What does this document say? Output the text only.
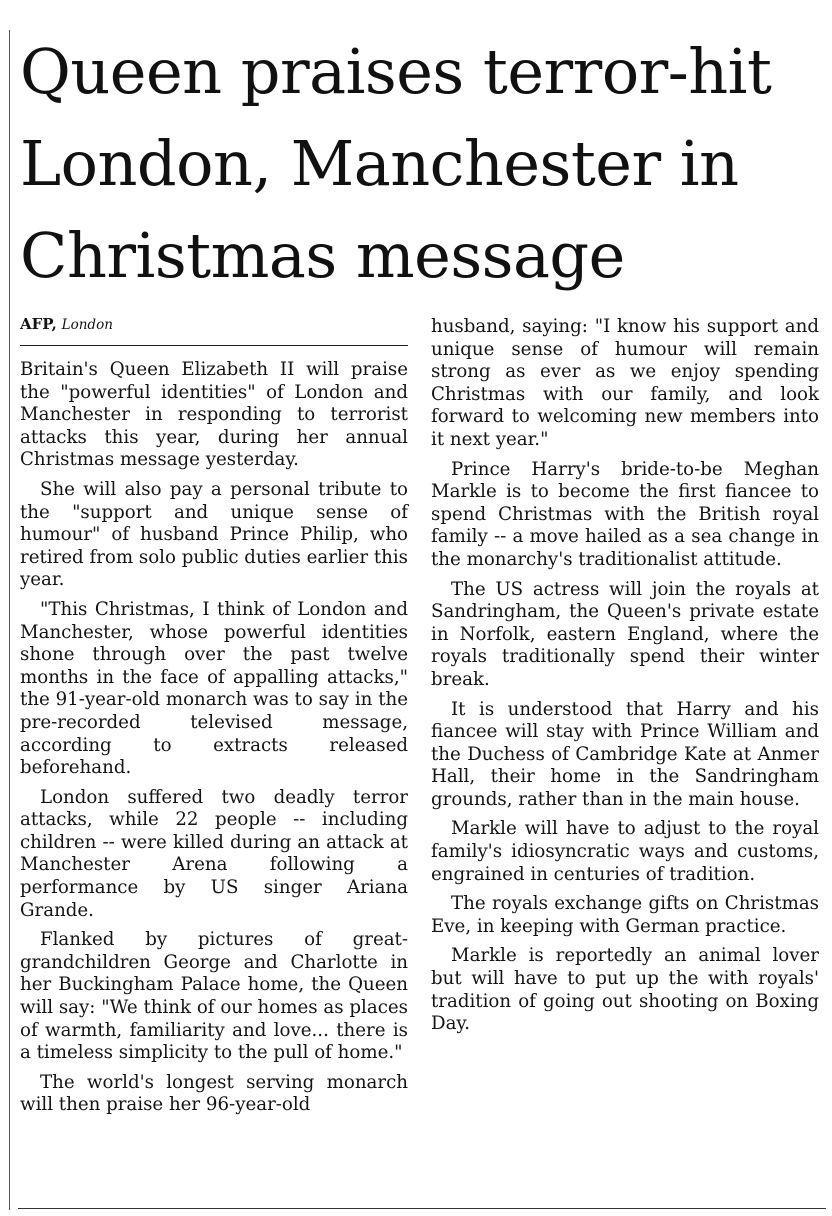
Queen praises terror-hit London, Manchester in Christmas message
AFP, London

Britain's Queen Elizabeth II will praise the "powerful identities" of London and Manchester in responding to terrorist attacks this year, during her annual Christmas message yesterday.

She will also pay a personal tribute to the "support and unique sense of humour" of husband Prince Philip, who retired from solo public duties earlier this year.

"This Christmas, I think of London and Manchester, whose powerful identities shone through over the past twelve months in the face of appalling attacks," the 91-year-old monarch was to say in the pre-recorded televised message, according to extracts released beforehand.

London suffered two deadly terror attacks, while 22 people -- including children -- were killed during an attack at Manchester Arena following a performance by US singer Ariana Grande.

Flanked by pictures of great-grandchildren George and Charlotte in her Buckingham Palace home, the Queen will say: "We think of our homes as places of warmth, familiarity and love... there is a timeless simplicity to the pull of home."

The world's longest serving monarch will then praise her 96-year-old

husband, saying: "I know his support and unique sense of humour will remain strong as ever as we enjoy spending Christmas with our family, and look forward to welcoming new members into it next year."

Prince Harry's bride-to-be Meghan Markle is to become the first fiancee to spend Christmas with the British royal family -- a move hailed as a sea change in the monarchy's traditionalist attitude.

The US actress will join the royals at Sandringham, the Queen's private estate in Norfolk, eastern England, where the royals traditionally spend their winter break.

It is understood that Harry and his fiancee will stay with Prince William and the Duchess of Cambridge Kate at Anmer Hall, their home in the Sandringham grounds, rather than in the main house.

Markle will have to adjust to the royal family's idiosyncratic ways and customs, engrained in centuries of tradition.

The royals exchange gifts on Christmas Eve, in keeping with German practice.

Markle is reportedly an animal lover but will have to put up the with royals' tradition of going out shooting on Boxing Day.
